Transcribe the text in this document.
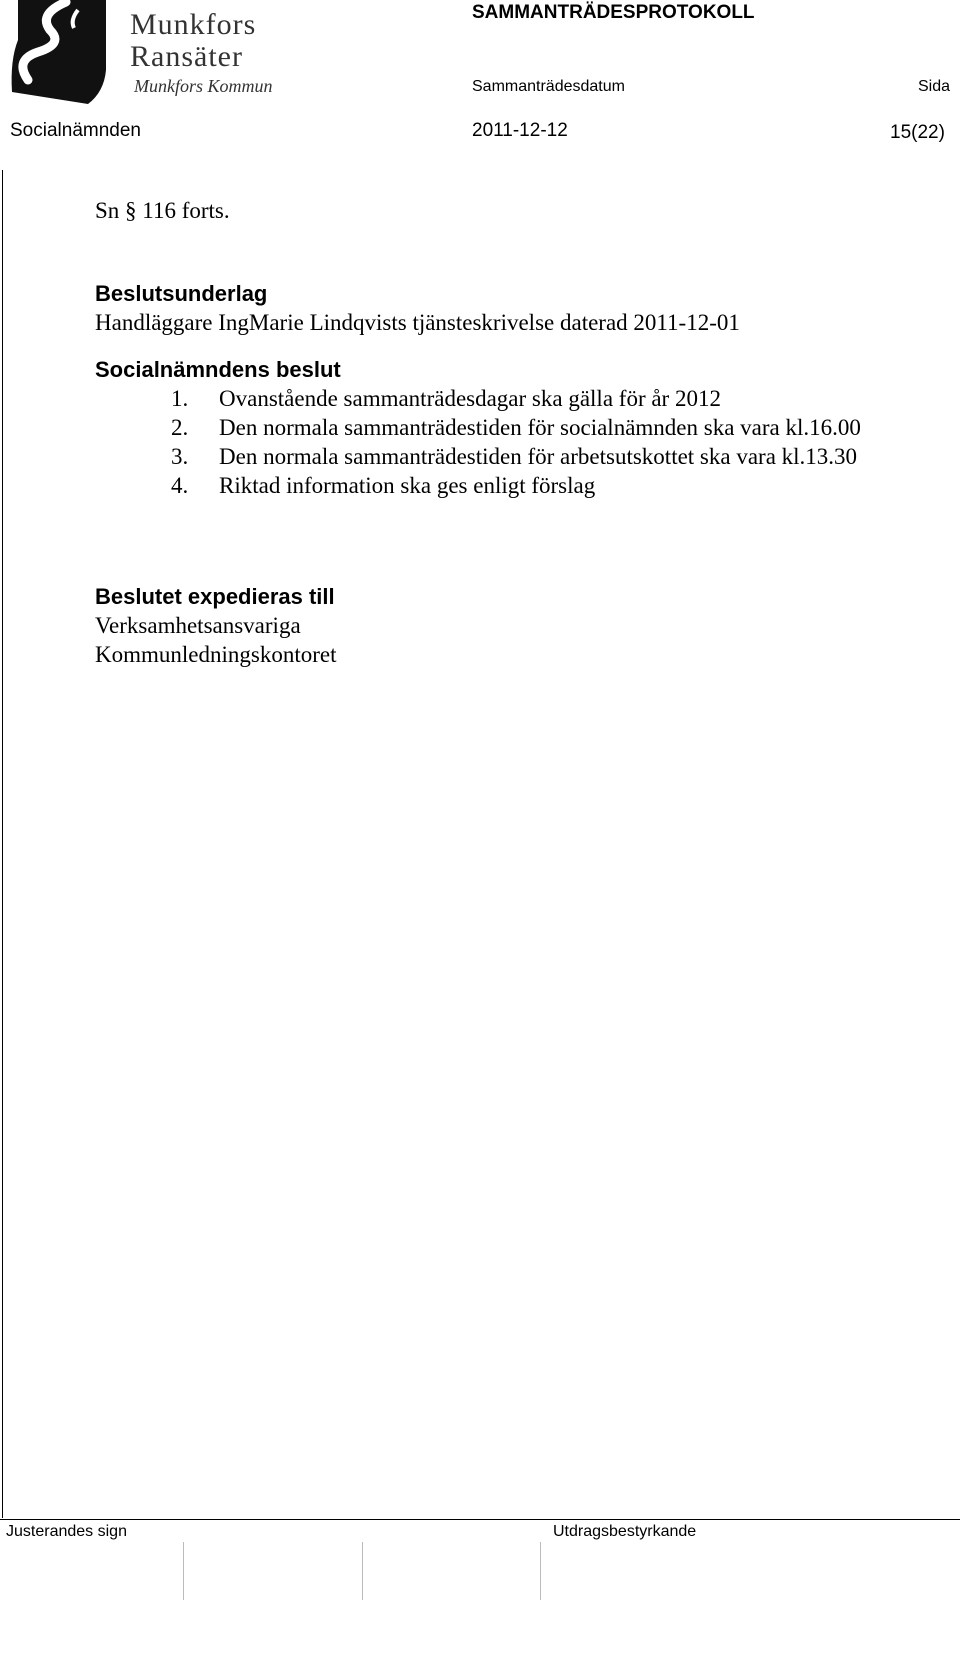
Munkfors
Ransäter
Munkfors Kommun
SAMMANTRÄDESPROTOKOLL
Sammanträdesdatum	Sida
Socialnämnden	2011-12-12	15(22)

Sn § 116 forts.

Beslutsunderlag

Handläggare IngMarie Lindqvists tjänsteskrivelse daterad 2011-12-01

Socialnämndens beslut

1.	Ovanstående sammanträdesdagar ska gälla för år 2012
2.	Den normala sammanträdestiden för socialnämnden ska vara kl.16.00
3.	Den normala sammanträdestiden för arbetsutskottet ska vara kl.13.30
4.	Riktad information ska ges enligt förslag

Beslutet expedieras till

Verksamhetsansvariga

Kommunledningskontoret

Justerandes sign	Utdragsbestyrkande
